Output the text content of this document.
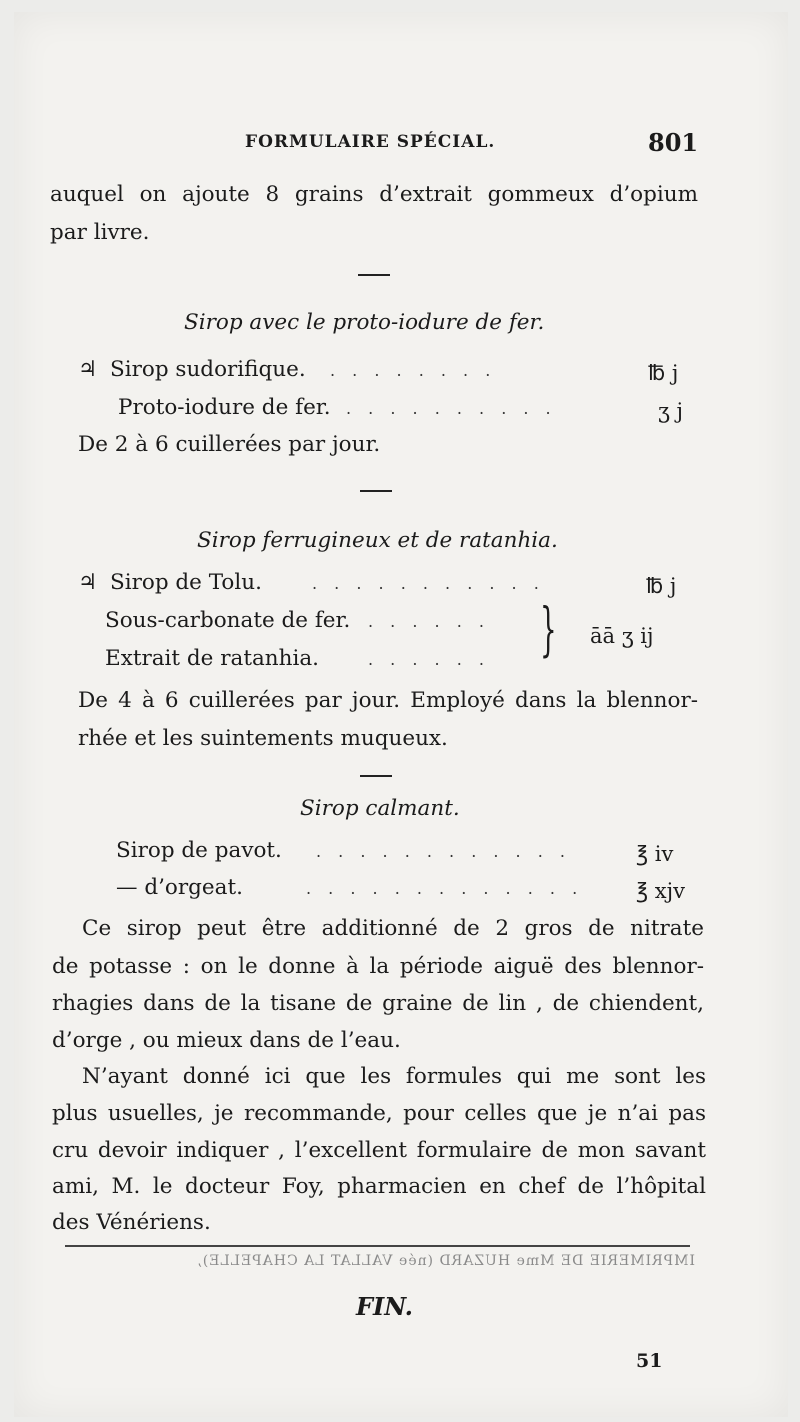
FORMULAIRE SPÉCIAL.	801
auquel on ajoute 8 grains d’extrait gommeux d’opium
par livre.
Sirop avec le proto-iodure de fer.
♃ Sirop sudorifique. . . . . . . . .	℔ j
Proto-iodure de fer. . . . . . . . . . .	ʒ j
De 2 à 6 cuillerées par jour.
Sirop ferrugineux et de ratanhia.
♃ Sirop de Tolu.	. . . . . . . . . . .	℔ j
Sous-carbonate de fer. . . . . . .
Extrait de ratanhia.	. . . . . . } āā ʒ ij
De 4 à 6 cuillerées par jour. Employé dans la blennor-
rhée et les suintements muqueux.
Sirop calmant.
Sirop de pavot. . . . . . . . . . . . .	℥ iv
— d’orgeat.	. . . . . . . . . . . . .	℥ xjv
Ce sirop peut être additionné de 2 gros de nitrate
de potasse : on le donne à la période aiguë des blennor-
rhagies dans de la tisane de graine de lin , de chiendent,
d’orge , ou mieux dans de l’eau.
N’ayant donné ici que les formules qui me sont les
plus usuelles, je recommande, pour celles que je n’ai pas
cru devoir indiquer , l’excellent formulaire de mon savant
ami, M. le docteur Foy, pharmacien en chef de l’hôpital
des Vénériens.
IMPRIMERIE DE Mme HUZARD (née VALLAT LA CHAPELLE),
FIN.
51
